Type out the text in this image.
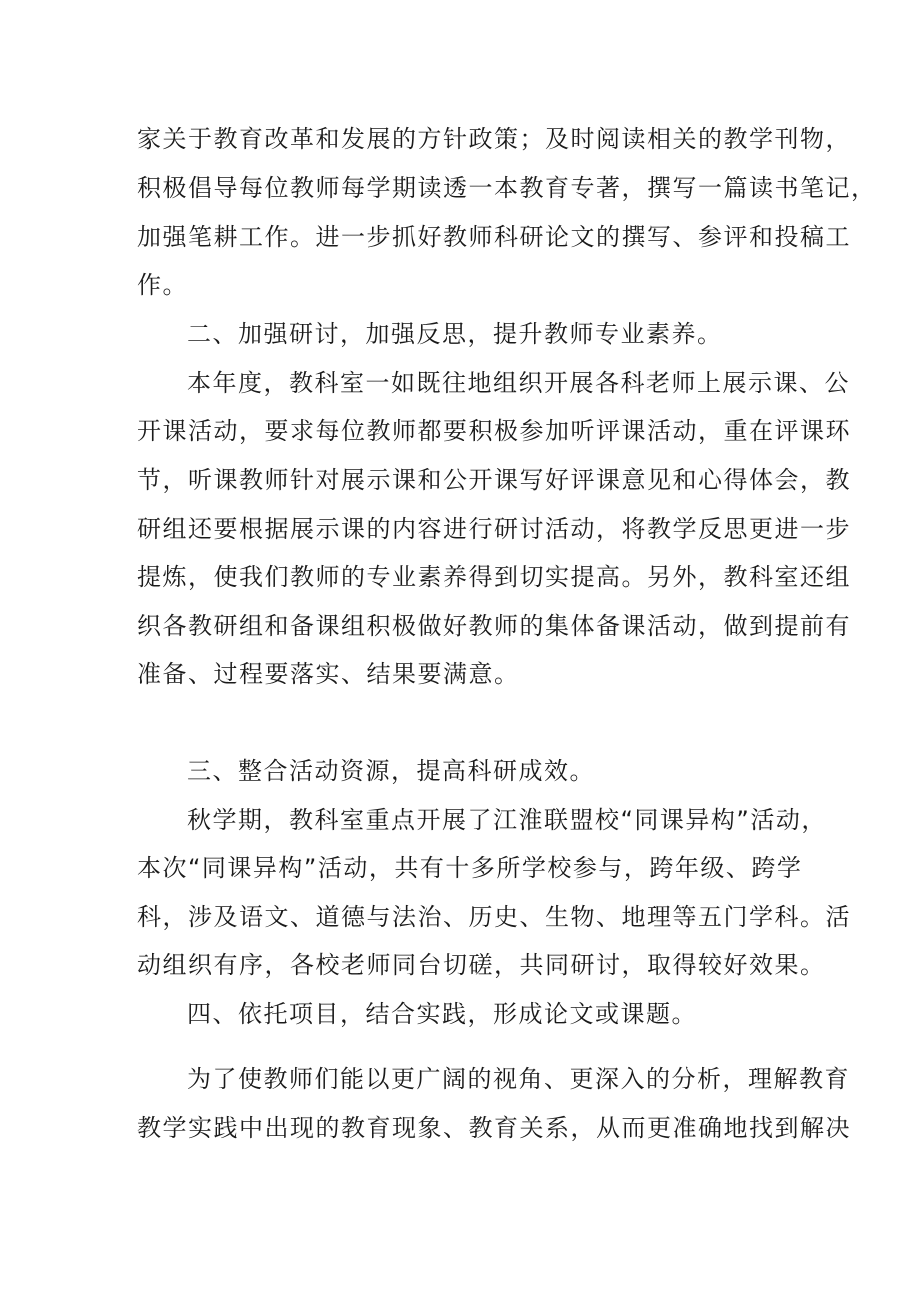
家关于教育改革和发展的方针政策；及时阅读相关的教学刊物，
积极倡导每位教师每学期读透一本教育专著，撰写一篇读书笔记，
加强笔耕工作。进一步抓好教师科研论文的撰写、参评和投稿工
作。
二、加强研讨，加强反思，提升教师专业素养。
本年度，教科室一如既往地组织开展各科老师上展示课、公
开课活动，要求每位教师都要积极参加听评课活动，重在评课环
节，听课教师针对展示课和公开课写好评课意见和心得体会，教
研组还要根据展示课的内容进行研讨活动，将教学反思更进一步
提炼，使我们教师的专业素养得到切实提高。另外，教科室还组
织各教研组和备课组积极做好教师的集体备课活动，做到提前有
准备、过程要落实、结果要满意。
三、整合活动资源，提高科研成效。
秋学期，教科室重点开展了江淮联盟校“同课异构”活动，
本次“同课异构”活动，共有十多所学校参与，跨年级、跨学
科，涉及语文、道德与法治、历史、生物、地理等五门学科。活
动组织有序，各校老师同台切磋，共同研讨，取得较好效果。
四、依托项目，结合实践，形成论文或课题。
为了使教师们能以更广阔的视角、更深入的分析，理解教育
教学实践中出现的教育现象、教育关系，从而更准确地找到解决
